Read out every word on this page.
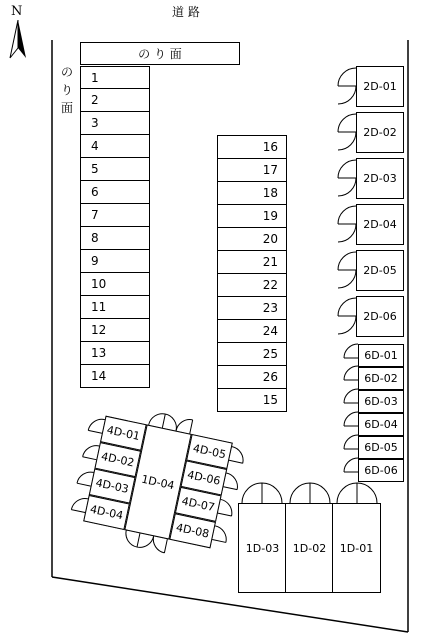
N	道 路
の り 面
の
り
面
1
2
3
4
5
6
7
8
9
10
11
12
13
14
16
17
18
19
20
21
22
23
24
25
26
15
2D-01
2D-02
2D-03
2D-04
2D-05
2D-06
6D-01
6D-02
6D-03
6D-04
6D-05
6D-06
1D-03	1D-02	1D-01
4D-01
4D-02
4D-03
4D-04
1D-04
4D-05
4D-06
4D-07
4D-08
